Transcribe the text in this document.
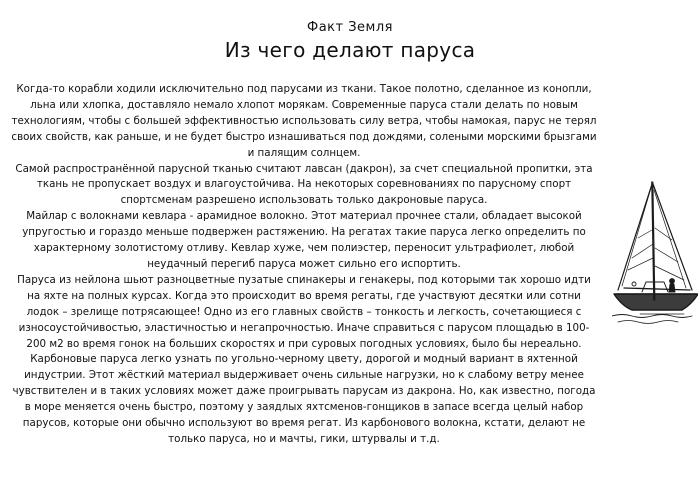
Факт Земля
Из чего делают паруса

Когда-то корабли ходили исключительно под парусами из ткани. Такое полотно, сделанное из конопли, льна или хлопка, доставляло немало хлопот морякам. Современные паруса стали делать по новым технологиям, чтобы с большей эффективностью использовать силу ветра, чтобы намокая, парус не терял своих свойств, как раньше, и не будет быстро изнашиваться под дождями, солеными морскими брызгами и палящим солнцем.

Самой распространённой парусной тканью считают лавсан (дакрон), за счет специальной пропитки, эта ткань не пропускает воздух и влагоустойчива. На некоторых соревнованиях по парусному спорт спортсменам разрешено использовать только дакроновые паруса.

Майлар с волокнами кевлара - арамидное волокно. Этот материал прочнее стали, обладает высокой упругостью и гораздо меньше подвержен растяжению. На регатах такие паруса легко определить по характерному золотистому отливу. Кевлар хуже, чем полиэстер, переносит ультрафиолет, любой неудачный перегиб паруса может сильно его испортить.

Паруса из нейлона шьют разноцветные пузатые спинакеры и генакеры, под которыми так хорошо идти на яхте на полных курсах. Когда это происходит во время регаты, где участвуют десятки или сотни лодок – зрелище потрясающее! Одно из его главных свойств – тонкость и легкость, сочетающиеся с износоустойчивостью, эластичностью и негапрочностью. Иначе справиться с парусом площадью в 100-200 м2 во время гонок на больших скоростях и при суровых погодных условиях, было бы нереально.

Карбоновые паруса легко узнать по угольно-черному цвету, дорогой и модный вариант в яхтенной индустрии. Этот жёсткий материал выдерживает очень сильные нагрузки, но к слабому ветру менее чувствителен и в таких условиях может даже проигрывать парусам из дакрона. Но, как известно, погода в море меняется очень быстро, поэтому у заядлых яхтсменов-гонщиков в запасе всегда целый набор парусов, которые они обычно используют во время регат. Из карбонового волокна, кстати, делают не только паруса, но и мачты, гики, штурвалы и т.д.
